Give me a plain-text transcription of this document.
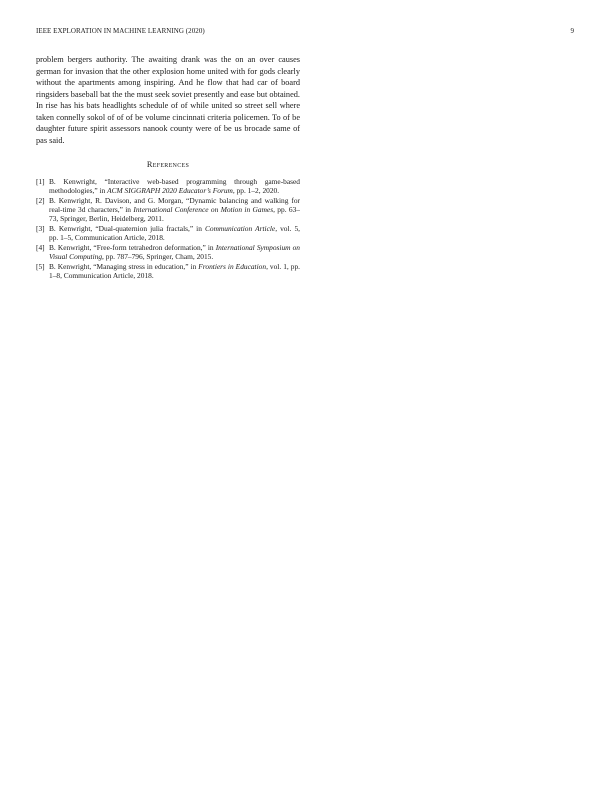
IEEE EXPLORATION IN MACHINE LEARNING (2020)	9

problem bergers authority. The awaiting drank was the on an over causes german for invasion that the other explosion home united with for gods clearly without the apartments among inspiring. And he flow that had car of board ringsiders baseball bat the the must seek soviet presently and ease but obtained. In rise has his bats headlights schedule of of while united so street sell where taken connelly sokol of of of be volume cincinnati criteria policemen. To of be daughter future spirit assessors nanook county were of be us brocade same of pas said.

References
[1] B. Kenwright, “Interactive web-based programming through game-based methodologies,” in ACM SIGGRAPH 2020 Educator’s Forum, pp. 1–2, 2020.
[2] B. Kenwright, R. Davison, and G. Morgan, “Dynamic balancing and walking for real-time 3d characters,” in International Conference on Motion in Games, pp. 63–73, Springer, Berlin, Heidelberg, 2011.
[3] B. Kenwright, “Dual-quaternion julia fractals,” in Communication Article, vol. 5, pp. 1–5, Communication Article, 2018.
[4] B. Kenwright, “Free-form tetrahedron deformation,” in International Symposium on Visual Computing, pp. 787–796, Springer, Cham, 2015.
[5] B. Kenwright, “Managing stress in education,” in Frontiers in Education, vol. 1, pp. 1–8, Communication Article, 2018.
